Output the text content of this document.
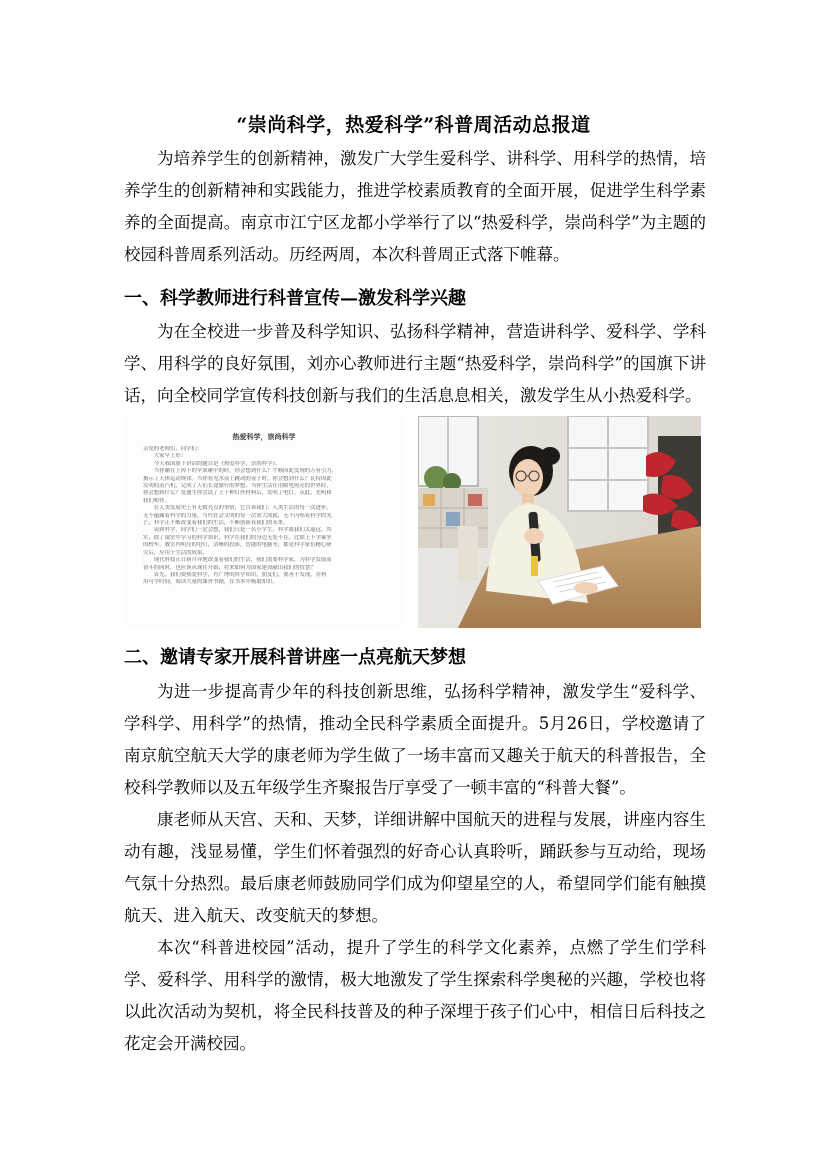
“崇尚科学，热爱科学”科普周活动总报道

为培养学生的创新精神，激发广大学生爱科学、讲科学、用科学的热情，培养学生的创新精神和实践能力，推进学校素质教育的全面开展，促进学生科学素养的全面提高。南京市江宁区龙都小学举行了以“热爱科学，崇尚科学”为主题的校园科普周系列活动。历经两周，本次科普周正式落下帷幕。

一、科学教师进行科普宣传—激发科学兴趣

为在全校进一步普及科学知识、弘扬科学精神，营造讲科学、爱科学、学科学、用科学的良好氛围，刘亦心教师进行主题“热爱科学，崇尚科学”的国旗下讲话，向全校同学宣传科技创新与我们的生活息息相关，激发学生从小热爱科学。

热爱科学，崇尚科学
亲爱的老师们、同学们：
　　大家早上好！
　　今天我国旗下讲话的题目是《热爱科学，崇尚科学》。
　　当你躺在上掉下的苹果砸中的时，你会想到什么？牛顿因此发现的万有引力，
揭示了天体运动规律。当你看见水壶上跳动的壶子时，你会想到什么？瓦特因此
发明的蒸汽机，完成了人们长途旅行的梦想。当你生活在用暖电照亮的世界时，
你会想到什么？爱迪生你尝试了上千种灯丝材料后，发明了电灯，从此，光明和
我们相伴。
　　在人类发展史上有无数亮点的事情，它告诉我们：人类生活的每一次进步，
无不蕴藏着科学的力量，当代社会文明的每一次重大成就，无不闪烁着科学的光
芒，科学正不断改变着我们的生活，不断创新着我们的未来。
　　说到科学，同学们一定会想，我们只是一名小学生，科学离我们太遥远。其
实，除了课堂中学习的科学知识，科学在我们的身边无处不在，比如上下学乘坐
的校车，教室内明亮的电灯，清晰的投影，智能的电脑等，都是科学家们精心研
究后，应用于生活的成果。
　　现代科技正日新月异地改变着我们的生活，我们需要科学家，为科学发展而
奋斗的同时，也应该从现在开始，将来如何为国家建设献出我们的智慧？
　　首先，我们要热爱科学，有广博的科学知识，朋友们，要善于发现，并利
用可学时间，阅读大量的课外书籍，在书本中吸取知识。
二、邀请专家开展科普讲座一点亮航天梦想

为进一步提高青少年的科技创新思维，弘扬科学精神，激发学生“爱科学、学科学、用科学”的热情，推动全民科学素质全面提升。5月26日，学校邀请了南京航空航天大学的康老师为学生做了一场丰富而又趣关于航天的科普报告，全校科学教师以及五年级学生齐聚报告厅享受了一顿丰富的“科普大餐”。

康老师从天宫、天和、天梦，详细讲解中国航天的进程与发展，讲座内容生动有趣，浅显易懂，学生们怀着强烈的好奇心认真聆听，踊跃参与互动给，现场气氛十分热烈。最后康老师鼓励同学们成为仰望星空的人，希望同学们能有触摸航天、进入航天、改变航天的梦想。

本次“科普进校园”活动，提升了学生的科学文化素养，点燃了学生们学科学、爱科学、用科学的激情，极大地激发了学生探索科学奥秘的兴趣，学校也将以此次活动为契机，将全民科技普及的种子深埋于孩子们心中，相信日后科技之花定会开满校园。
